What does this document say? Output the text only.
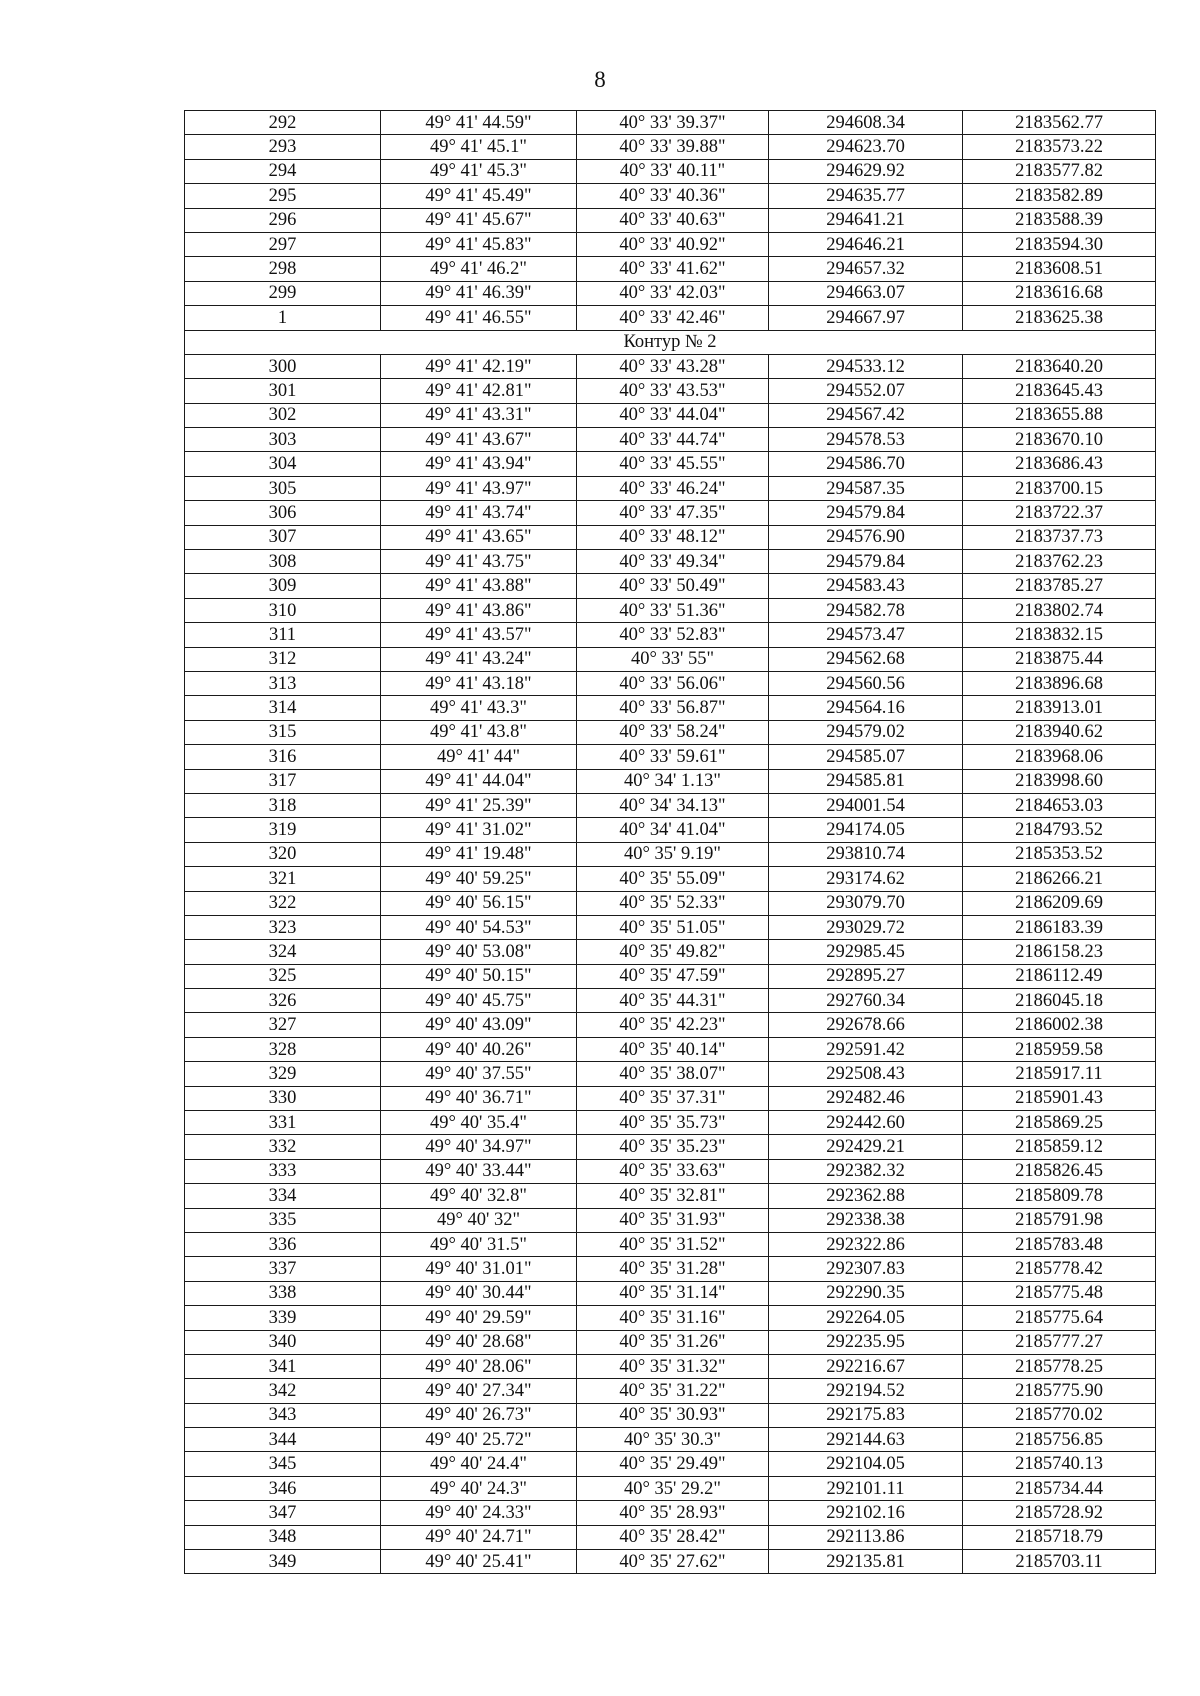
8
292	49° 41' 44.59"	40° 33' 39.37"	294608.34	2183562.77
293	49° 41' 45.1"	40° 33' 39.88"	294623.70	2183573.22
294	49° 41' 45.3"	40° 33' 40.11"	294629.92	2183577.82
295	49° 41' 45.49"	40° 33' 40.36"	294635.77	2183582.89
296	49° 41' 45.67"	40° 33' 40.63"	294641.21	2183588.39
297	49° 41' 45.83"	40° 33' 40.92"	294646.21	2183594.30
298	49° 41' 46.2"	40° 33' 41.62"	294657.32	2183608.51
299	49° 41' 46.39"	40° 33' 42.03"	294663.07	2183616.68
1	49° 41' 46.55"	40° 33' 42.46"	294667.97	2183625.38
Контур № 2				
300	49° 41' 42.19"	40° 33' 43.28"	294533.12	2183640.20
301	49° 41' 42.81"	40° 33' 43.53"	294552.07	2183645.43
302	49° 41' 43.31"	40° 33' 44.04"	294567.42	2183655.88
303	49° 41' 43.67"	40° 33' 44.74"	294578.53	2183670.10
304	49° 41' 43.94"	40° 33' 45.55"	294586.70	2183686.43
305	49° 41' 43.97"	40° 33' 46.24"	294587.35	2183700.15
306	49° 41' 43.74"	40° 33' 47.35"	294579.84	2183722.37
307	49° 41' 43.65"	40° 33' 48.12"	294576.90	2183737.73
308	49° 41' 43.75"	40° 33' 49.34"	294579.84	2183762.23
309	49° 41' 43.88"	40° 33' 50.49"	294583.43	2183785.27
310	49° 41' 43.86"	40° 33' 51.36"	294582.78	2183802.74
311	49° 41' 43.57"	40° 33' 52.83"	294573.47	2183832.15
312	49° 41' 43.24"	40° 33' 55"	294562.68	2183875.44
313	49° 41' 43.18"	40° 33' 56.06"	294560.56	2183896.68
314	49° 41' 43.3"	40° 33' 56.87"	294564.16	2183913.01
315	49° 41' 43.8"	40° 33' 58.24"	294579.02	2183940.62
316	49° 41' 44"	40° 33' 59.61"	294585.07	2183968.06
317	49° 41' 44.04"	40° 34' 1.13"	294585.81	2183998.60
318	49° 41' 25.39"	40° 34' 34.13"	294001.54	2184653.03
319	49° 41' 31.02"	40° 34' 41.04"	294174.05	2184793.52
320	49° 41' 19.48"	40° 35' 9.19"	293810.74	2185353.52
321	49° 40' 59.25"	40° 35' 55.09"	293174.62	2186266.21
322	49° 40' 56.15"	40° 35' 52.33"	293079.70	2186209.69
323	49° 40' 54.53"	40° 35' 51.05"	293029.72	2186183.39
324	49° 40' 53.08"	40° 35' 49.82"	292985.45	2186158.23
325	49° 40' 50.15"	40° 35' 47.59"	292895.27	2186112.49
326	49° 40' 45.75"	40° 35' 44.31"	292760.34	2186045.18
327	49° 40' 43.09"	40° 35' 42.23"	292678.66	2186002.38
328	49° 40' 40.26"	40° 35' 40.14"	292591.42	2185959.58
329	49° 40' 37.55"	40° 35' 38.07"	292508.43	2185917.11
330	49° 40' 36.71"	40° 35' 37.31"	292482.46	2185901.43
331	49° 40' 35.4"	40° 35' 35.73"	292442.60	2185869.25
332	49° 40' 34.97"	40° 35' 35.23"	292429.21	2185859.12
333	49° 40' 33.44"	40° 35' 33.63"	292382.32	2185826.45
334	49° 40' 32.8"	40° 35' 32.81"	292362.88	2185809.78
335	49° 40' 32"	40° 35' 31.93"	292338.38	2185791.98
336	49° 40' 31.5"	40° 35' 31.52"	292322.86	2185783.48
337	49° 40' 31.01"	40° 35' 31.28"	292307.83	2185778.42
338	49° 40' 30.44"	40° 35' 31.14"	292290.35	2185775.48
339	49° 40' 29.59"	40° 35' 31.16"	292264.05	2185775.64
340	49° 40' 28.68"	40° 35' 31.26"	292235.95	2185777.27
341	49° 40' 28.06"	40° 35' 31.32"	292216.67	2185778.25
342	49° 40' 27.34"	40° 35' 31.22"	292194.52	2185775.90
343	49° 40' 26.73"	40° 35' 30.93"	292175.83	2185770.02
344	49° 40' 25.72"	40° 35' 30.3"	292144.63	2185756.85
345	49° 40' 24.4"	40° 35' 29.49"	292104.05	2185740.13
346	49° 40' 24.3"	40° 35' 29.2"	292101.11	2185734.44
347	49° 40' 24.33"	40° 35' 28.93"	292102.16	2185728.92
348	49° 40' 24.71"	40° 35' 28.42"	292113.86	2185718.79
349	49° 40' 25.41"	40° 35' 27.62"	292135.81	2185703.11
